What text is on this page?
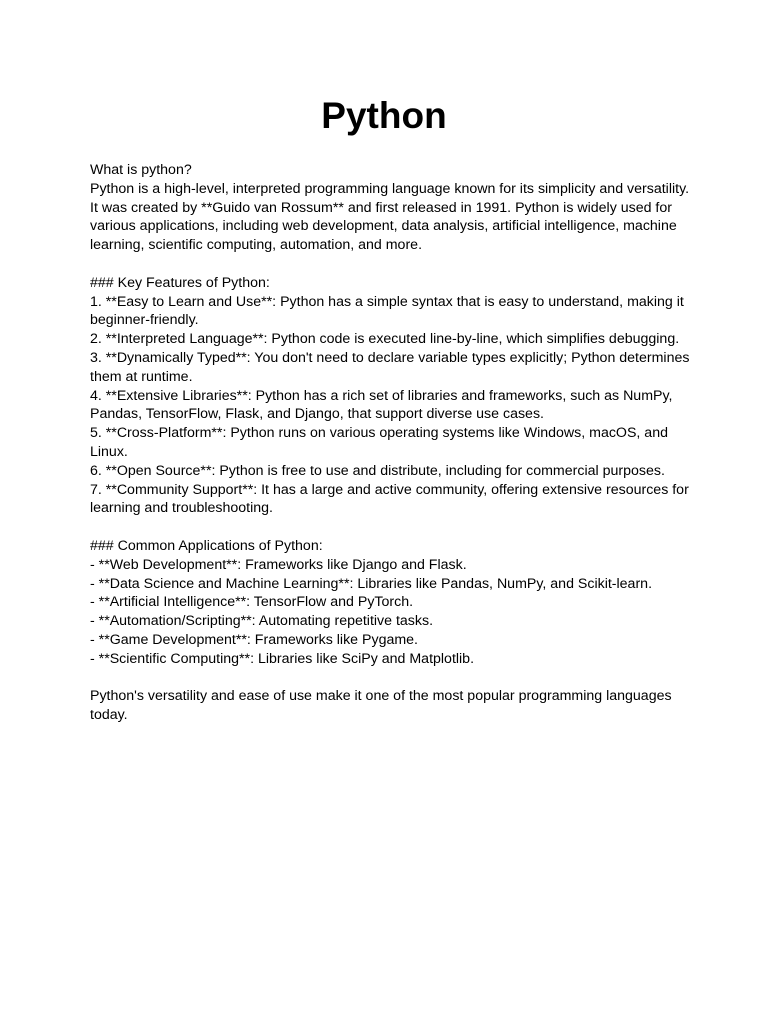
Python
What is python?
Python is a high-level, interpreted programming language known for its simplicity and versatility.
It was created by **Guido van Rossum** and first released in 1991. Python is widely used for
various applications, including web development, data analysis, artificial intelligence, machine
learning, scientific computing, automation, and more.
### Key Features of Python:
1. **Easy to Learn and Use**: Python has a simple syntax that is easy to understand, making it
beginner-friendly.
2. **Interpreted Language**: Python code is executed line-by-line, which simplifies debugging.
3. **Dynamically Typed**: You don't need to declare variable types explicitly; Python determines
them at runtime.
4. **Extensive Libraries**: Python has a rich set of libraries and frameworks, such as NumPy,
Pandas, TensorFlow, Flask, and Django, that support diverse use cases.
5. **Cross-Platform**: Python runs on various operating systems like Windows, macOS, and
Linux.
6. **Open Source**: Python is free to use and distribute, including for commercial purposes.
7. **Community Support**: It has a large and active community, offering extensive resources for
learning and troubleshooting.
### Common Applications of Python:
- **Web Development**: Frameworks like Django and Flask.
- **Data Science and Machine Learning**: Libraries like Pandas, NumPy, and Scikit-learn.
- **Artificial Intelligence**: TensorFlow and PyTorch.
- **Automation/Scripting**: Automating repetitive tasks.
- **Game Development**: Frameworks like Pygame.
- **Scientific Computing**: Libraries like SciPy and Matplotlib.
Python's versatility and ease of use make it one of the most popular programming languages
today.
